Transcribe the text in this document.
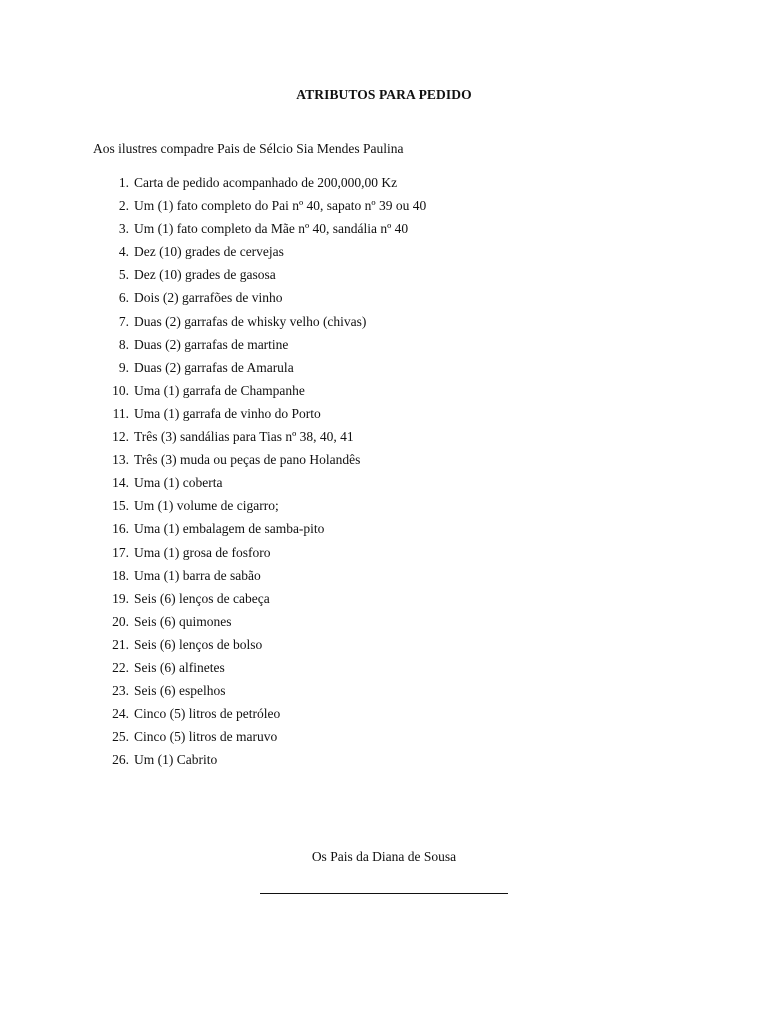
ATRIBUTOS PARA PEDIDO
Aos ilustres compadre Pais de Sélcio Sia Mendes Paulina
1. Carta de pedido acompanhado de 200,000,00 Kz
2. Um (1) fato completo do Pai nº 40, sapato nº 39 ou 40
3. Um (1) fato completo da Mãe nº 40, sandália nº 40
4. Dez (10) grades de cervejas
5. Dez (10) grades de gasosa
6. Dois (2) garrafões de vinho
7. Duas (2) garrafas de whisky velho (chivas)
8. Duas (2) garrafas de martine
9. Duas (2) garrafas de Amarula
10. Uma (1) garrafa de Champanhe
11. Uma (1) garrafa de vinho do Porto
12. Três (3) sandálias para Tias nº 38, 40, 41
13. Três (3) muda ou peças de pano Holandês
14. Uma (1) coberta
15. Um (1) volume de cigarro;
16. Uma (1) embalagem de samba-pito
17. Uma (1) grosa de fosforo
18. Uma (1) barra de sabão
19. Seis (6) lenços de cabeça
20. Seis (6) quimones
21. Seis (6) lenços de bolso
22. Seis (6) alfinetes
23. Seis (6) espelhos
24. Cinco (5) litros de petróleo
25. Cinco (5) litros de maruvo
26. Um (1) Cabrito
Os Pais da Diana de Sousa
